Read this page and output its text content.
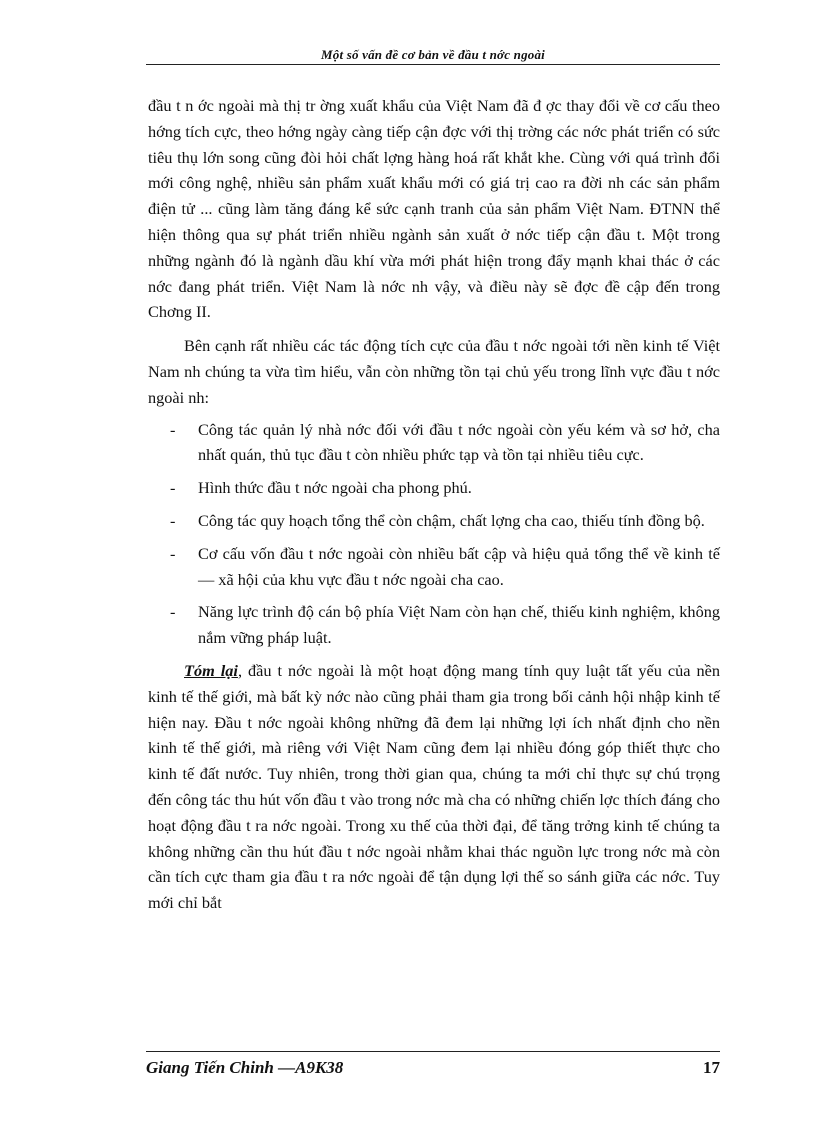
Một số vấn đề cơ bản về đầu t nớc ngoài

đầu t n ớc ngoài mà thị tr ờng xuất khẩu của Việt Nam đã đ ợc thay đổi về cơ cấu theo hớng tích cực, theo hớng ngày càng tiếp cận đợc với thị trờng các nớc phát triển có sức tiêu thụ lớn song cũng đòi hỏi chất lợng hàng hoá rất khắt khe. Cùng với quá trình đổi mới công nghệ, nhiều sản phẩm xuất khẩu mới có giá trị cao ra đời nh các sản phẩm điện tử ... cũng làm tăng đáng kể sức cạnh tranh của sản phẩm Việt Nam. ĐTNN thể hiện thông qua sự phát triển nhiều ngành sản xuất ở nớc tiếp cận đầu t. Một trong những ngành đó là ngành dầu khí vừa mới phát hiện trong đẩy mạnh khai thác ở các nớc đang phát triển. Việt Nam là nớc nh vậy, và điều này sẽ đợc đề cập đến trong Chơng II.

Bên cạnh rất nhiều các tác động tích cực của đầu t nớc ngoài tới nền kinh tế Việt Nam nh chúng ta vừa tìm hiểu, vẫn còn những tồn tại chủ yếu trong lĩnh vực đầu t nớc ngoài nh:

- Công tác quản lý nhà nớc đối với đầu t nớc ngoài còn yếu kém và sơ hở, cha nhất quán, thủ tục đầu t còn nhiều phức tạp và tồn tại nhiều tiêu cực.
- Hình thức đầu t nớc ngoài cha phong phú.
- Công tác quy hoạch tổng thể còn chậm, chất lợng cha cao, thiếu tính đồng bộ.
- Cơ cấu vốn đầu t nớc ngoài còn nhiều bất cập và hiệu quả tổng thể về kinh tế — xã hội của khu vực đầu t nớc ngoài cha cao.
- Năng lực trình độ cán bộ phía Việt Nam còn hạn chế, thiếu kinh nghiệm, không nắm vững pháp luật.

Tóm lại, đầu t nớc ngoài là một hoạt động mang tính quy luật tất yếu của nền kinh tế thế giới, mà bất kỳ nớc nào cũng phải tham gia trong bối cảnh hội nhập kinh tế hiện nay. Đầu t nớc ngoài không những đã đem lại những lợi ích nhất định cho nền kinh tế thế giới, mà riêng với Việt Nam cũng đem lại nhiều đóng góp thiết thực cho kinh tế đất nước. Tuy nhiên, trong thời gian qua, chúng ta mới chỉ thực sự chú trọng đến công tác thu hút vốn đầu t vào trong nớc mà cha có những chiến lợc thích đáng cho hoạt động đầu t ra nớc ngoài. Trong xu thế của thời đại, để tăng trởng kinh tế chúng ta không những cần thu hút đầu t nớc ngoài nhằm khai thác nguồn lực trong nớc mà còn cần tích cực tham gia đầu t ra nớc ngoài để tận dụng lợi thế so sánh giữa các nớc. Tuy mới chỉ bắt

Giang Tiến Chinh —A9K38	17
